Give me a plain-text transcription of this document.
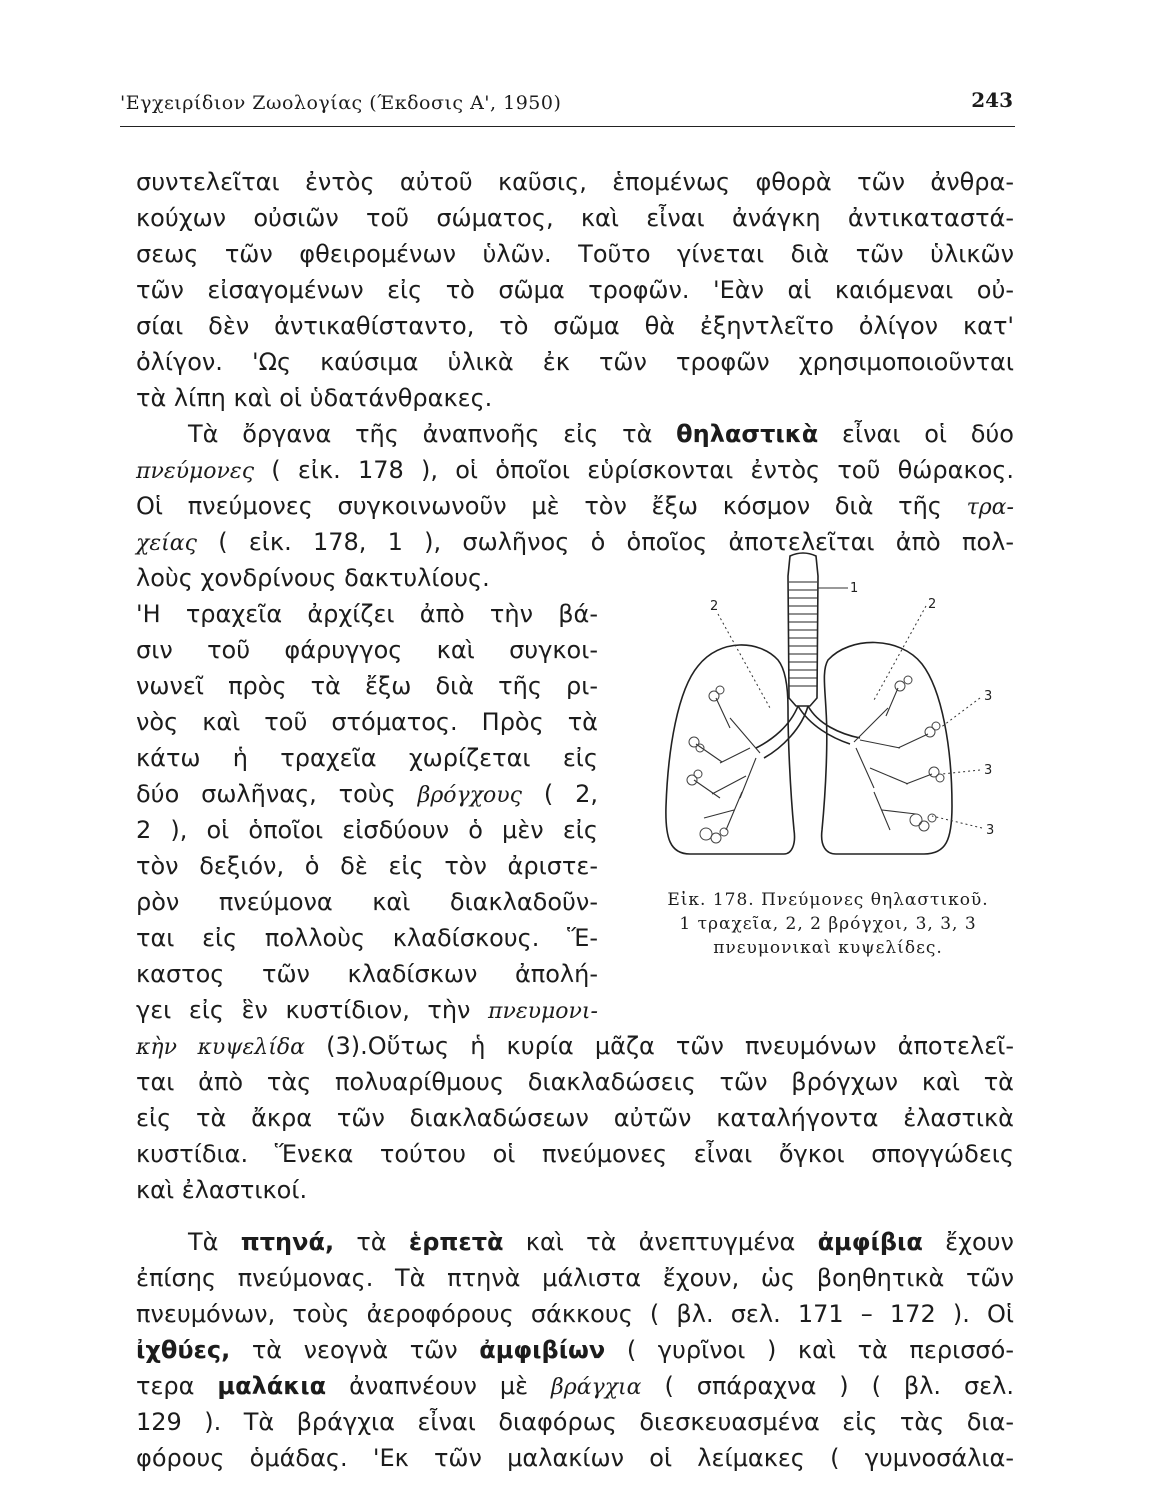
'Εγχειρίδιον Ζωολογίας (Έκδοσις Α', 1950)	243
συντελεῖται ἐντὸς αὐτοῦ καῦσις, ἑπομένως φθορὰ τῶν ἀνθρα-
κούχων οὐσιῶν τοῦ σώματος, καὶ εἶναι ἀνάγκη ἀντικαταστά-
σεως τῶν φθειρομένων ὑλῶν. Τοῦτο γίνεται διὰ τῶν ὑλικῶν
τῶν εἰσαγομένων εἰς τὸ σῶμα τροφῶν. 'Εὰν αἱ καιόμεναι οὐ-
σίαι δὲν ἀντικαθίσταντο, τὸ σῶμα θὰ ἐξηντλεῖτο ὀλίγον κατ'
ὀλίγον. 'Ως καύσιμα ὑλικὰ ἐκ τῶν τροφῶν χρησιμοποιοῦνται
τὰ λίπη καὶ οἱ ὑδατάνθρακες.
Τὰ ὄργανα τῆς ἀναπνοῆς εἰς τὰ θηλαστικὰ εἶναι οἱ δύο
πνεύμονες ( εἰκ. 178 ), οἱ ὁποῖοι εὑρίσκονται ἐντὸς τοῦ θώρακος.
Οἱ πνεύμονες συγκοινωνοῦν μὲ τὸν ἔξω κόσμον διὰ τῆς τρα-
χείας ( εἰκ. 178, 1 ), σωλῆνος ὁ ὁποῖος ἀποτελεῖται ἀπὸ πολ-
λοὺς χονδρίνους δακτυλίους.
'Η τραχεῖα ἀρχίζει ἀπὸ τὴν βά-
σιν τοῦ φάρυγγος καὶ συγκοι-
νωνεῖ πρὸς τὰ ἔξω διὰ τῆς ρι-
νὸς καὶ τοῦ στόματος. Πρὸς τὰ
κάτω ἡ τραχεῖα χωρίζεται εἰς
δύο σωλῆνας, τοὺς βρόγχους ( 2,
2 ), οἱ ὁποῖοι εἰσδύουν ὁ μὲν εἰς
τὸν δεξιόν, ὁ δὲ εἰς τὸν ἀριστε-
ρὸν πνεύμονα καὶ διακλαδοῦν-
ται εἰς πολλοὺς κλαδίσκους. Ἕ-
καστος τῶν κλαδίσκων ἀπολή-
γει εἰς ἓν κυστίδιον, τὴν πνευμονι-
κὴν κυψελίδα (3).Οὕτως ἡ κυρία μᾶζα τῶν πνευμόνων ἀποτελεῖ-
ται ἀπὸ τὰς πολυαρίθμους διακλαδώσεις τῶν βρόγχων καὶ τὰ
εἰς τὰ ἄκρα τῶν διακλαδώσεων αὐτῶν καταλήγοντα ἐλαστικὰ
κυστίδια. Ἕνεκα τούτου οἱ πνεύμονες εἶναι ὄγκοι σπογγώδεις
καὶ ἐλαστικοί.
Τὰ πτηνά, τὰ ἑρπετὰ καὶ τὰ ἀνεπτυγμένα ἀμφίβια ἔχουν
ἐπίσης πνεύμονας. Τὰ πτηνὰ μάλιστα ἔχουν, ὡς βοηθητικὰ τῶν
πνευμόνων, τοὺς ἀεροφόρους σάκκους ( βλ. σελ. 171 – 172 ). Οἱ
ἰχθύες, τὰ νεογνὰ τῶν ἀμφιβίων ( γυρῖνοι ) καὶ τὰ περισσό-
τερα μαλάκια ἀναπνέουν μὲ βράγχια ( σπάραχνα ) ( βλ. σελ.
129 ). Τὰ βράγχια εἶναι διαφόρως διεσκευασμένα εἰς τὰς δια-
φόρους ὁμάδας. 'Εκ τῶν μαλακίων οἱ λείμακες ( γυμνοσάλια-
1
2	2
3
3
3
Εἰκ. 178. Πνεύμονες θηλαστικοῦ.
1 τραχεῖα, 2, 2 βρόγχοι, 3, 3, 3
πνευμονικαὶ κυψελίδες.
